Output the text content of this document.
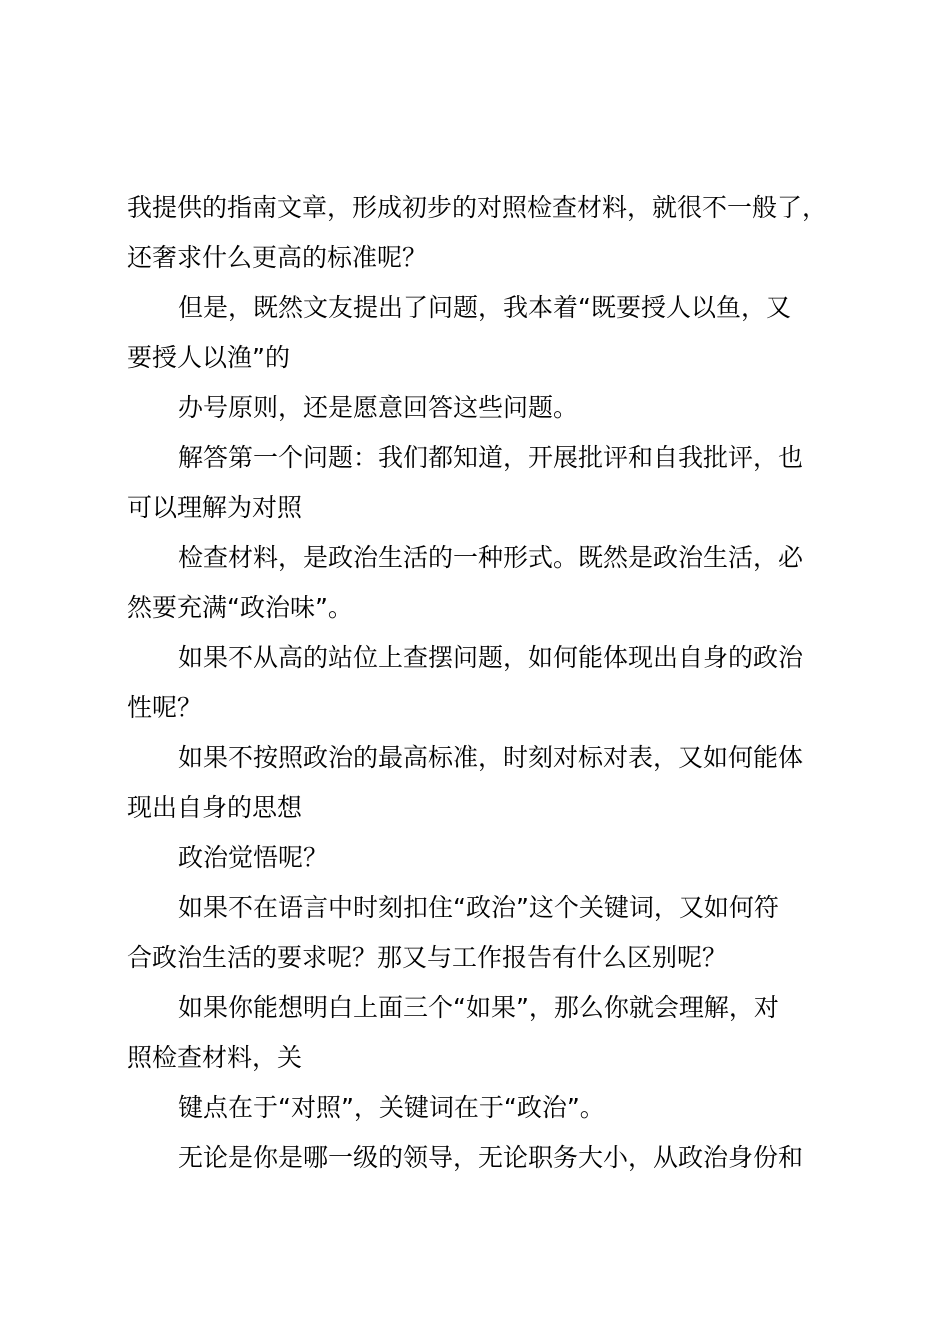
我提供的指南文章，形成初步的对照检查材料，就很不一般了，
还奢求什么更高的标准呢？
但是，既然文友提出了问题，我本着“既要授人以鱼，又
要授人以渔”的
办号原则，还是愿意回答这些问题。
解答第一个问题：我们都知道，开展批评和自我批评，也
可以理解为对照
检查材料，是政治生活的一种形式。既然是政治生活，必
然要充满“政治味”。
如果不从高的站位上查摆问题，如何能体现出自身的政治
性呢？
如果不按照政治的最高标准，时刻对标对表，又如何能体
现出自身的思想
政治觉悟呢？
如果不在语言中时刻扣住“政治”这个关键词，又如何符
合政治生活的要求呢？那又与工作报告有什么区别呢？
如果你能想明白上面三个“如果”，那么你就会理解，对
照检查材料，关
键点在于“对照”，关键词在于“政治”。
无论是你是哪一级的领导，无论职务大小，从政治身份和
